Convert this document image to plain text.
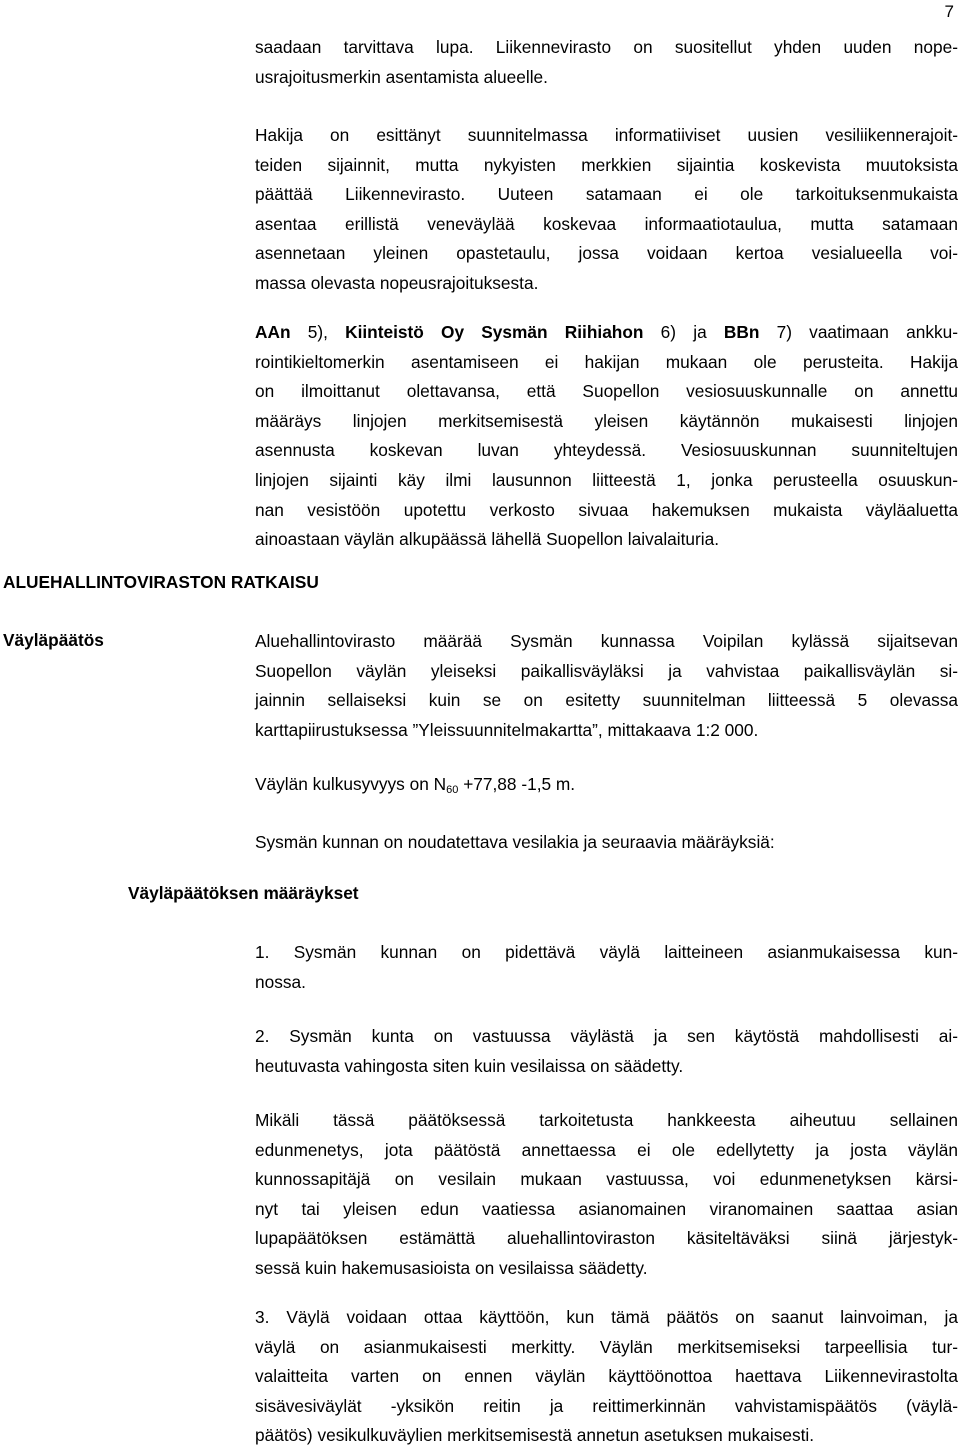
7
saadaan tarvittava lupa. Liikennevirasto on suositellut yhden uuden nope-
usrajoitusmerkin asentamista alueelle.
Hakija on esittänyt suunnitelmassa informatiiviset uusien vesiliikennerajoit-
teiden sijainnit, mutta nykyisten merkkien sijaintia koskevista muutoksista
päättää Liikennevirasto. Uuteen satamaan ei ole tarkoituksenmukaista
asentaa erillistä veneväylää koskevaa informaatiotaulua, mutta satamaan
asennetaan yleinen opastetaulu, jossa voidaan kertoa vesialueella voi-
massa olevasta nopeusrajoituksesta.
AAn 5), Kiinteistö Oy Sysmän Riihiahon 6) ja BBn 7) vaatimaan ankku-
rointikieltomerkin asentamiseen ei hakijan mukaan ole perusteita. Hakija
on ilmoittanut olettavansa, että Suopellon vesiosuuskunnalle on annettu
määräys linjojen merkitsemisestä yleisen käytännön mukaisesti linjojen
asennusta koskevan luvan yhteydessä. Vesiosuuskunnan suunniteltujen
linjojen sijainti käy ilmi lausunnon liitteestä 1, jonka perusteella osuuskun-
nan vesistöön upotettu verkosto sivuaa hakemuksen mukaista väyläaluetta
ainoastaan väylän alkupäässä lähellä Suopellon laivalaituria.
ALUEHALLINTOVIRASTON RATKAISU
Väyläpäätös	Aluehallintovirasto määrää Sysmän kunnassa Voipilan kylässä sijaitsevan
Suopellon väylän yleiseksi paikallisväyläksi ja vahvistaa paikallisväylän si-
jainnin sellaiseksi kuin se on esitetty suunnitelman liitteessä 5 olevassa
karttapiirustuksessa ”Yleissuunnitelmakartta”, mittakaava 1:2 000.
Väylän kulkusyvyys on $N_{60} +77,88$ -1,5 m.
Sysmän kunnan on noudatettava vesilakia ja seuraavia määräyksiä:
Väyläpäätöksen määräykset
1. Sysmän kunnan on pidettävä väylä laitteineen asianmukaisessa kun-
nossa.
2. Sysmän kunta on vastuussa väylästä ja sen käytöstä mahdollisesti ai-
heutuvasta vahingosta siten kuin vesilaissa on säädetty.
Mikäli tässä päätöksessä tarkoitetusta hankkeesta aiheutuu sellainen
edunmenetys, jota päätöstä annettaessa ei ole edellytetty ja josta väylän
kunnossapitäjä on vesilain mukaan vastuussa, voi edunmenetyksen kärsi-
nyt tai yleisen edun vaatiessa asianomainen viranomainen saattaa asian
lupapäätöksen estämättä aluehallintoviraston käsiteltäväksi siinä järjestyk-
sessä kuin hakemusasioista on vesilaissa säädetty.
3. Väylä voidaan ottaa käyttöön, kun tämä päätös on saanut lainvoiman, ja
väylä on asianmukaisesti merkitty. Väylän merkitsemiseksi tarpeellisia tur-
valaitteita varten on ennen väylän käyttöönottoa haettava Liikennevirastolta
sisävesiväylät -yksikön reitin ja reittimerkinnän vahvistamispäätös (väylä-
päätös) vesikulkuväylien merkitsemisestä annetun asetuksen mukaisesti.
